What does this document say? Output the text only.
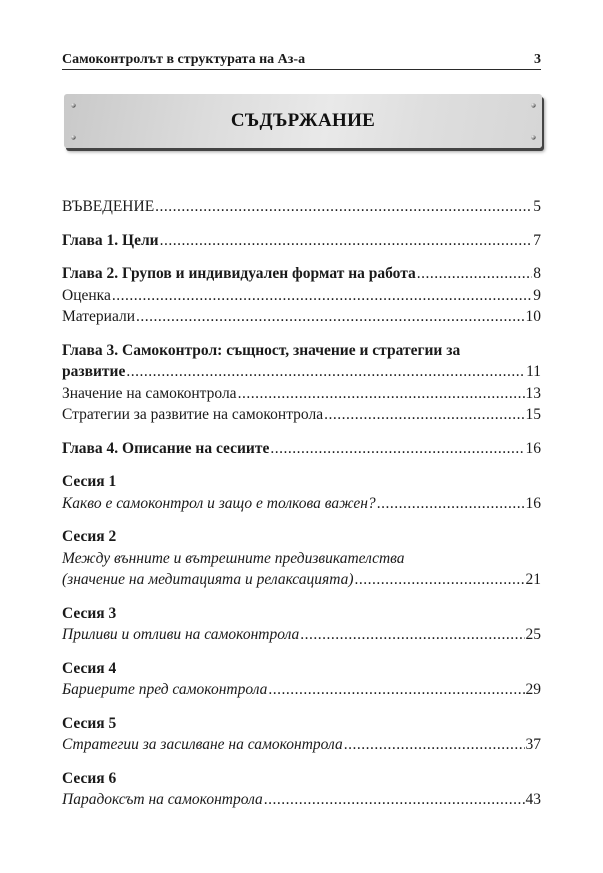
Самоконтролът в структурата на Аз-а	3
СЪДЪРЖАНИЕ
ВЪВЕДЕНИЕ .....	5
Глава 1. Цели .....	7
Глава 2. Групов и индивидуален формат на работа .....	8
Оценка .....	9
Материали .....	10
Глава 3. Самоконтрол: същност, значение и стратегии за
развитие .....	11
Значение на самоконтрола .....	13
Стратегии за развитие на самоконтрола .....	15
Глава 4. Описание на сесиите .....	16
Сесия 1
Какво е самоконтрол и защо е толкова важен? .....	16
Сесия 2
Между вънните и вътрешните предизвикателства
(значение на медитацията и релаксацията) .....	21
Сесия 3
Приливи и отливи на самоконтрола .....	25
Сесия 4
Бариерите пред самоконтрола .....	29
Сесия 5
Стратегии за засилване на самоконтрола .....	37
Сесия 6
Парадоксът на самоконтрола .....	43
